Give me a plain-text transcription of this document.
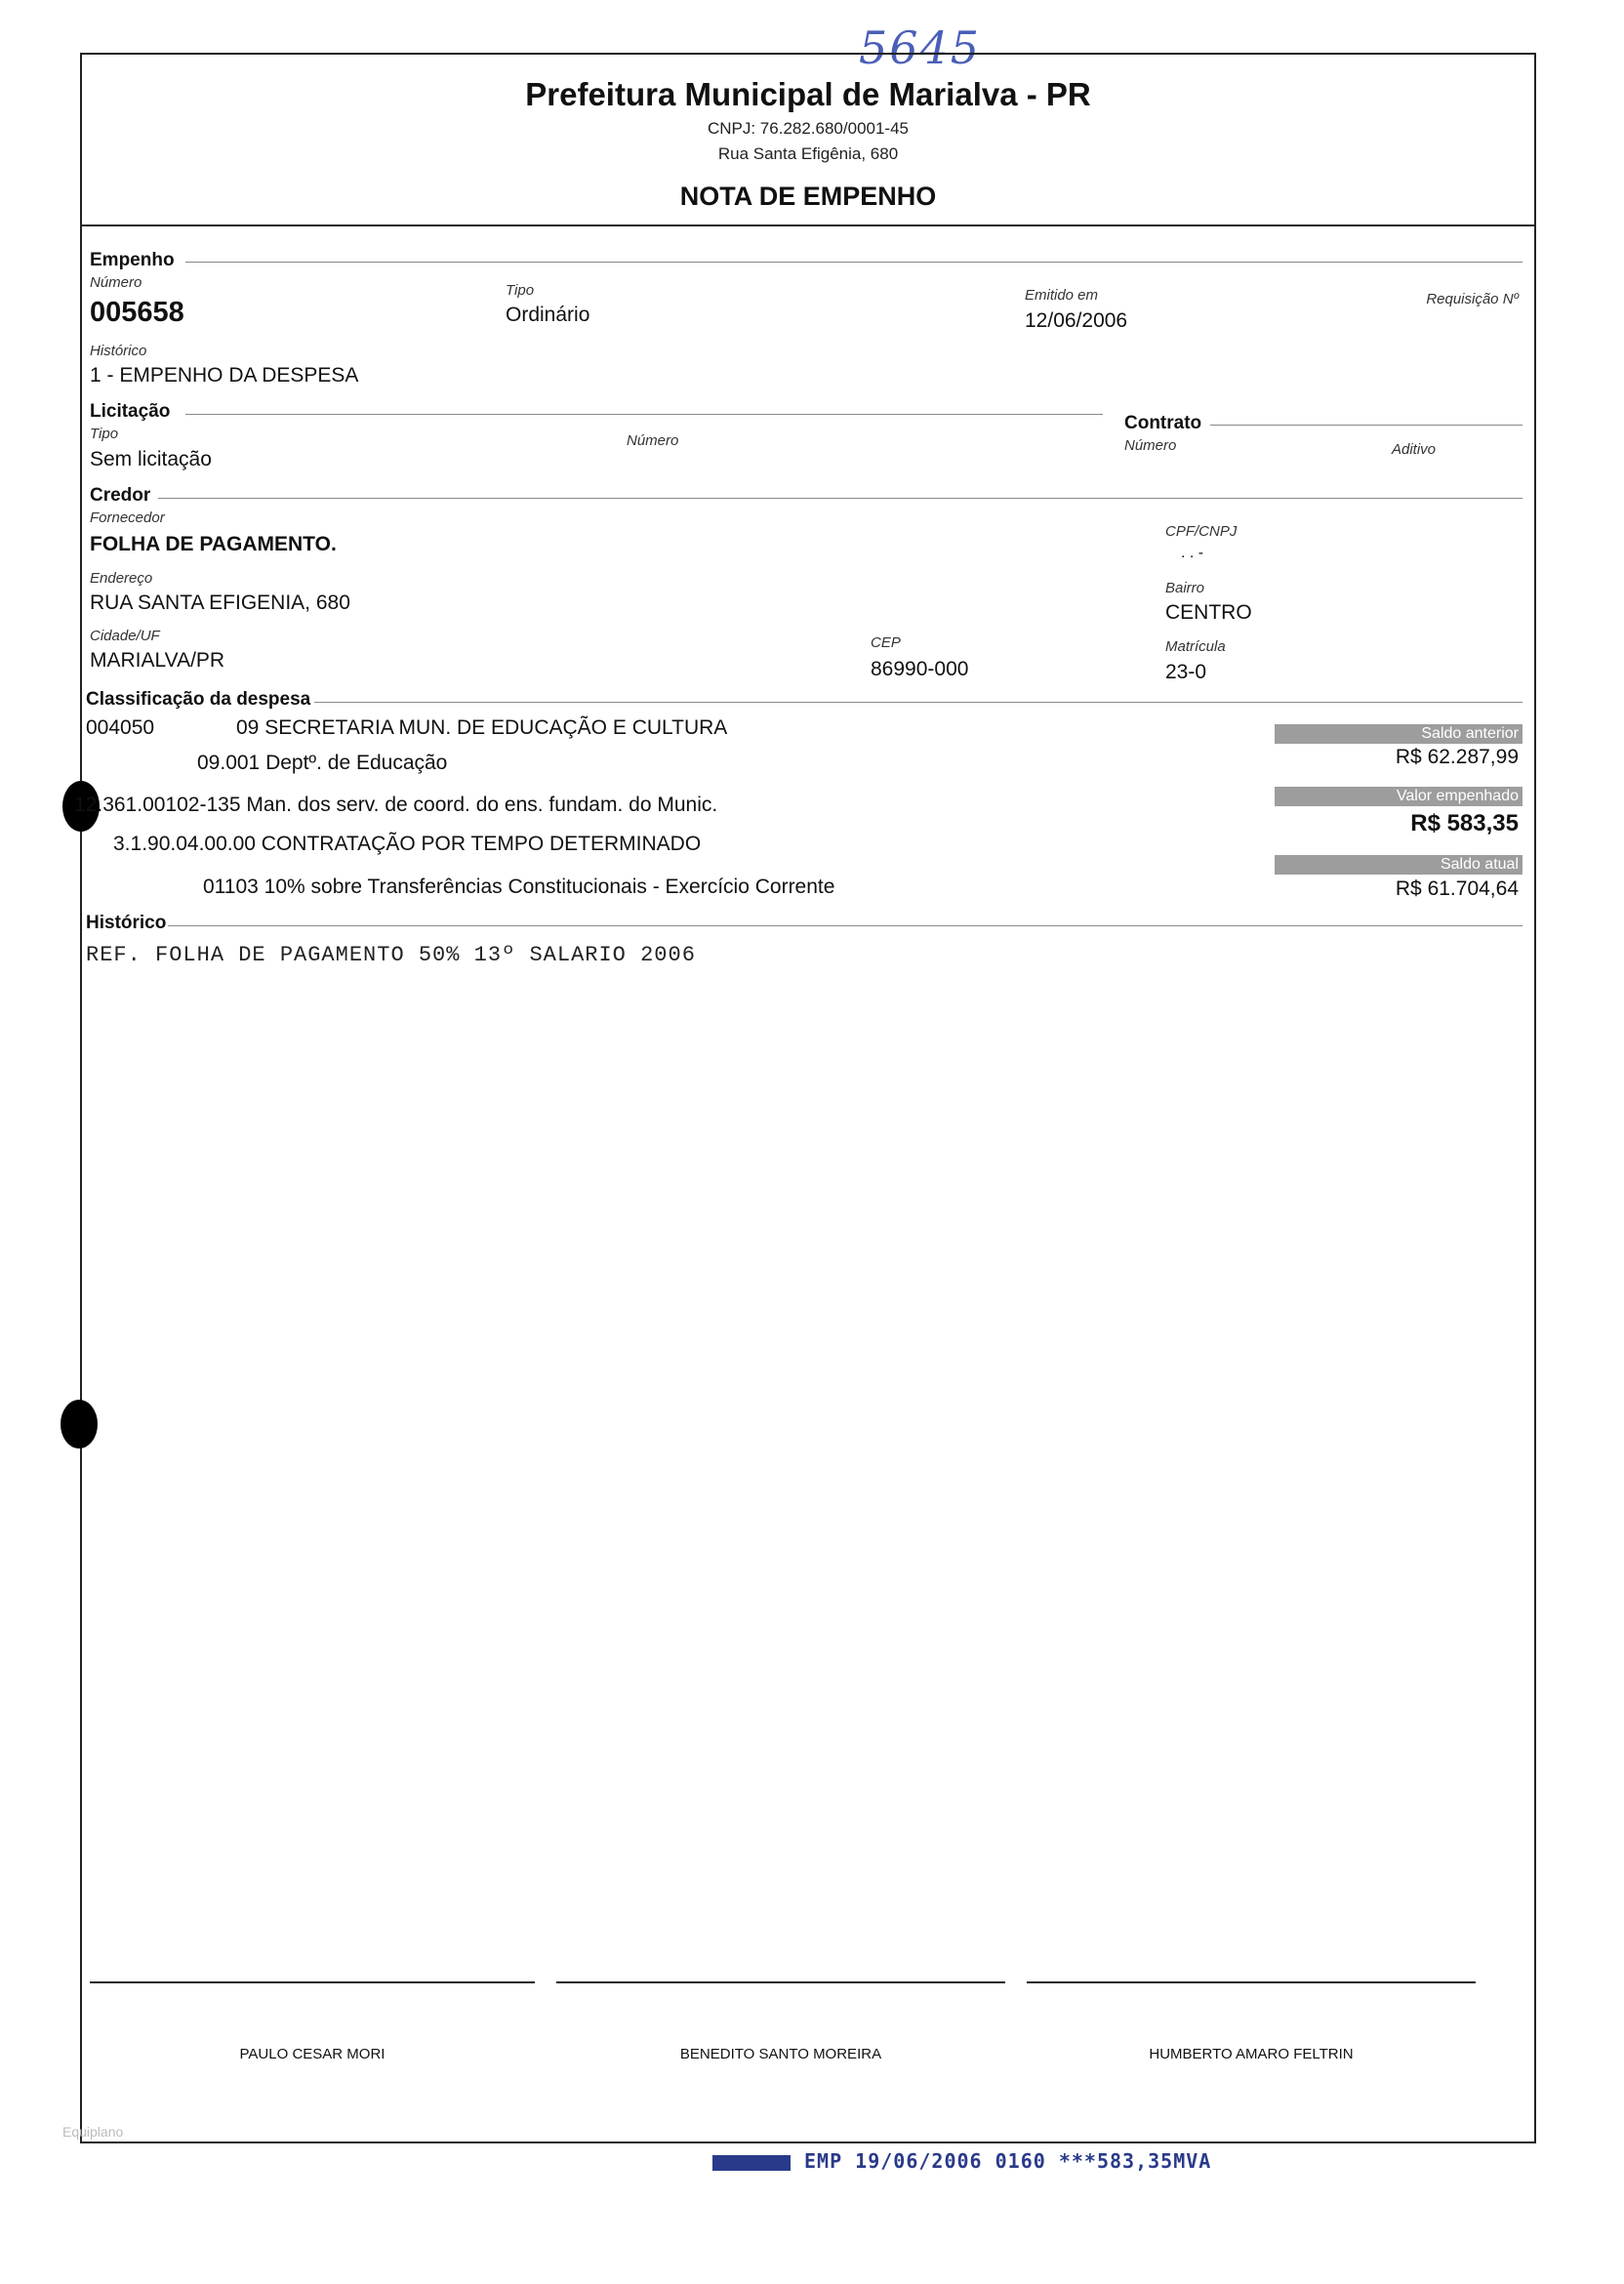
5645
Prefeitura Municipal de Marialva - PR
CNPJ: 76.282.680/0001-45
Rua Santa Efigênia, 680
NOTA DE EMPENHO
Empenho
Número
005658
Tipo
Ordinário
Emitido em
12/06/2006
Requisição Nº
Histórico
1 - EMPENHO DA DESPESA
Licitação
Tipo
Sem licitação
Número
Contrato
Número	Aditivo
Credor
Fornecedor
FOLHA DE PAGAMENTO.
CPF/CNPJ
. . -
Endereço
RUA SANTA EFIGENIA, 680
Bairro
CENTRO
Cidade/UF
MARIALVA/PR
CEP
86990-000
Matrícula
23-0
Classificação da despesa
004050	09 SECRETARIA MUN. DE EDUCAÇÃO E CULTURA
09.001 Deptº. de Educação
12.361.00102-135 Man. dos serv. de coord. do ens. fundam. do Munic.
3.1.90.04.00.00 CONTRATAÇÃO POR TEMPO DETERMINADO
01103 10% sobre Transferências Constitucionais - Exercício Corrente
Saldo anterior
R$ 62.287,99
Valor empenhado
R$ 583,35
Saldo atual
R$ 61.704,64
Histórico
REF. FOLHA DE PAGAMENTO 50% 13º SALARIO 2006
PAULO CESAR MORI	BENEDITO SANTO MOREIRA	HUMBERTO AMARO FELTRIN
Equiplano
EMP 19/06/2006 0160 ***583,35MVA
